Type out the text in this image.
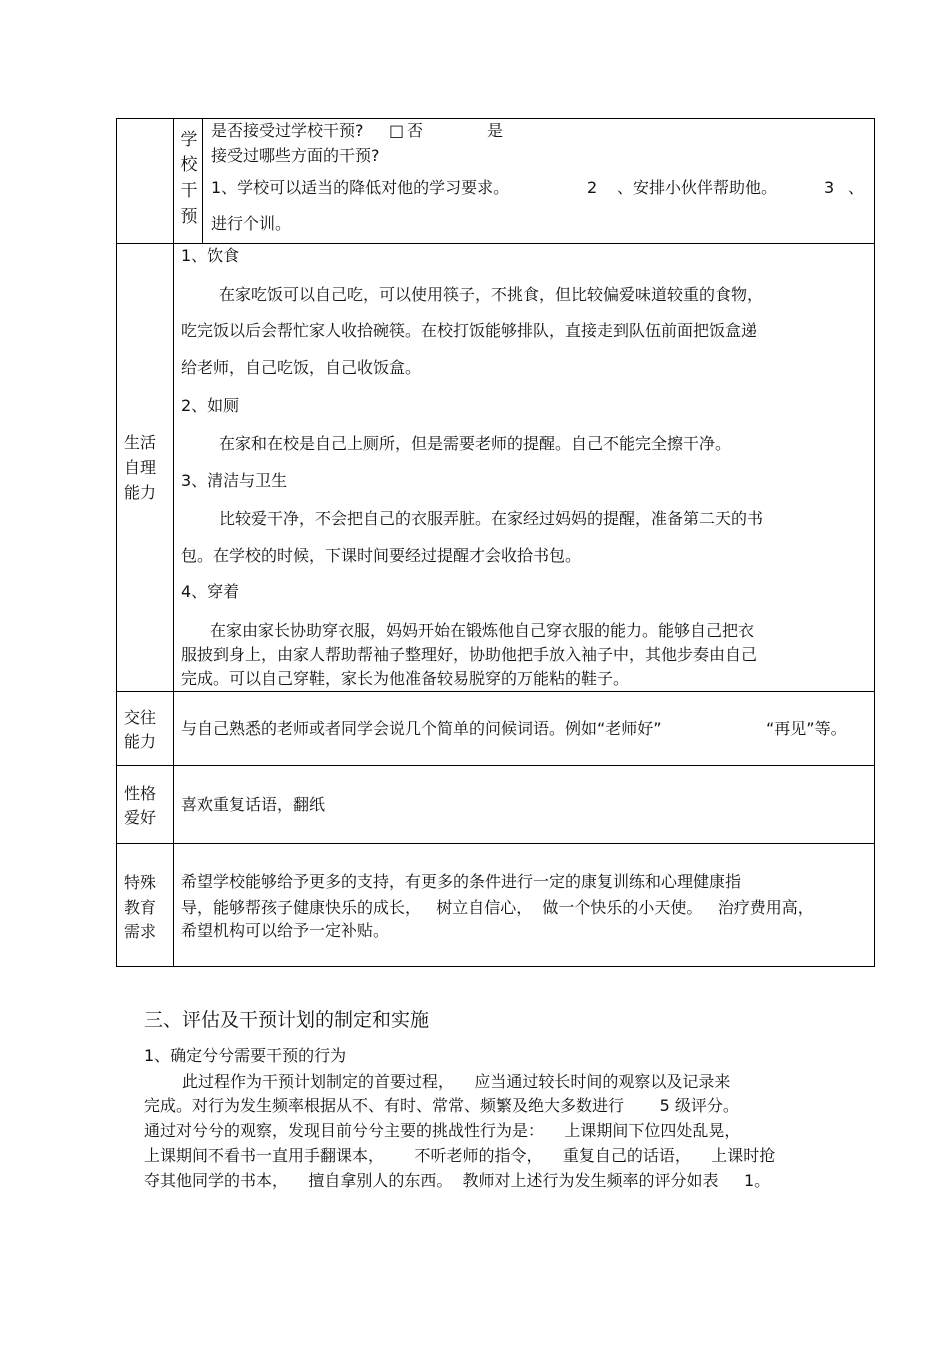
学
校
干
预
是否接受过学校干预? □ 否	是
接受过哪些方面的干预?
1、学校可以适当的降低对他的学习要求。	2 、安排小伙伴帮助他。	3 、
进行个训。
生活
自理
能力
1、饮食
在家吃饭可以自己吃，可以使用筷子，不挑食，但比较偏爱味道较重的食物，
吃完饭以后会帮忙家人收拾碗筷。在校打饭能够排队，直接走到队伍前面把饭盒递
给老师，自己吃饭，自己收饭盒。
2、如厕
在家和在校是自己上厕所，但是需要老师的提醒。自己不能完全擦干净。
3、清洁与卫生
比较爱干净，不会把自己的衣服弄脏。在家经过妈妈的提醒，准备第二天的书
包。在学校的时候，下课时间要经过提醒才会收拾书包。
4、穿着
在家由家长协助穿衣服，妈妈开始在锻炼他自己穿衣服的能力。能够自己把衣
服披到身上，由家人帮助帮袖子整理好，协助他把手放入袖子中，其他步奏由自己
完成。可以自己穿鞋，家长为他准备较易脱穿的万能粘的鞋子。
交往
能力
与自己熟悉的老师或者同学会说几个简单的问候词语。例如“老师好”	“再见”等。
性格
爱好
喜欢重复话语，翻纸
特殊
教育
需求
希望学校能够给予更多的支持，有更多的条件进行一定的康复训练和心理健康指
导，能够帮孩子健康快乐的成长，   树立自信心，  做一个快乐的小天使。   治疗费用高，
希望机构可以给予一定补贴。
三、评估及干预计划的制定和实施
1、确定兮兮需要干预的行为
此过程作为干预计划制定的首要过程，    应当通过较长时间的观察以及记录来
完成。对行为发生频率根据从不、有时、常常、频繁及绝大多数进行       5 级评分。
通过对兮兮的观察，发现目前兮兮主要的挑战性行为是：    上课期间下位四处乱晃，
上课期间不看书一直用手翻课本，      不听老师的指令，    重复自己的话语，    上课时抢
夺其他同学的书本，    擅自拿别人的东西。  教师对上述行为发生频率的评分如表     1。
